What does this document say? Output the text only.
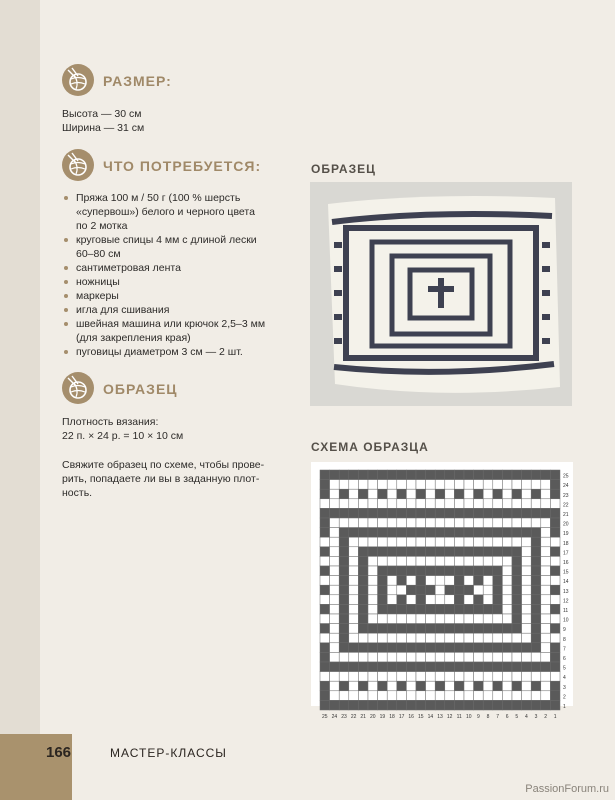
РАЗМЕР:
Высота — 30 см
Ширина — 31 см
ЧТО ПОТРЕБУЕТСЯ:
Пряжа 100 м / 50 г (100 % шерсть
«супервош») белого и черного цвета
по 2 мотка
круговые спицы 4 мм с длиной лески
60–80 см
сантиметровая лента
ножницы
маркеры
игла для сшивания
швейная машина или крючок 2,5–3 мм
(для закрепления края)
пуговицы диаметром 3 см — 2 шт.
ОБРАЗЕЦ
Плотность вязания:
22 п. × 24 р. = 10 × 10 см
Свяжите образец по схеме, чтобы прове-
рить, попадаете ли вы в заданную плот-
ность.
ОБРАЗЕЦ
СХЕМА ОБРАЗЦА
25
24
23
22
21
20
19
18
17
16
15
14
13
12
11
10
9
8
7
6
5
4
3
2
1
25 24 23 22 21 20 19 18 17 16 15 14 13 12 11 10 9 8 7 6 5 4 3 2 1
166	МАСТЕР-КЛАССЫ
PassionForum.ru
